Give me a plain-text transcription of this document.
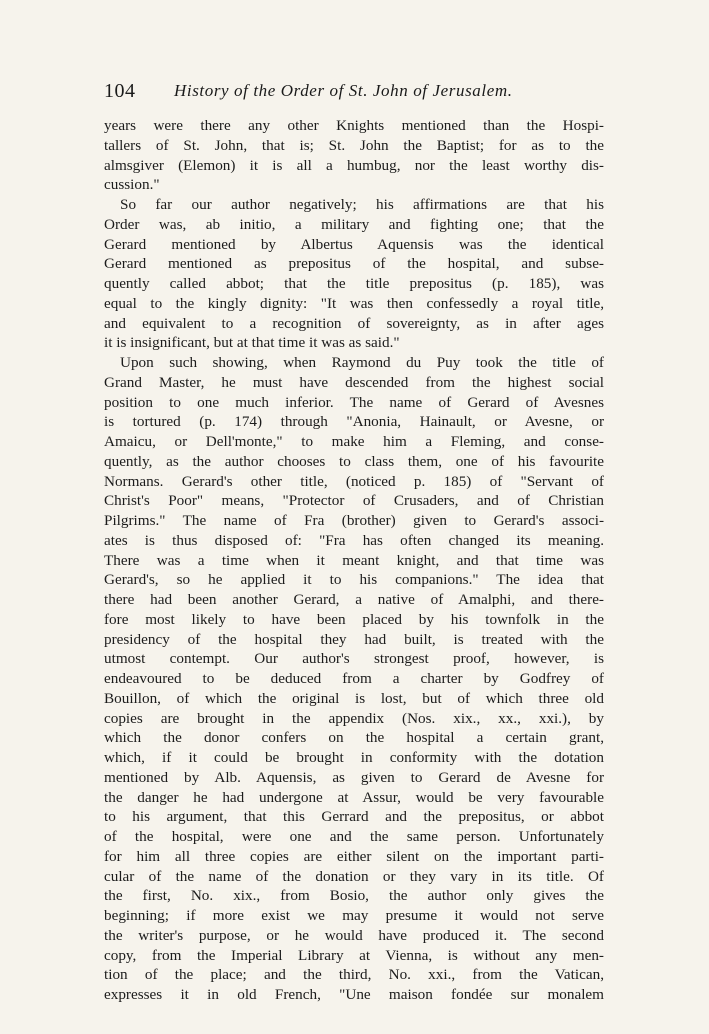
104 History of the Order of St. John of Jerusalem.
years were there any other Knights mentioned than the Hospi-
tallers of St. John, that is; St. John the Baptist; for as to the
almsgiver (Elemon) it is all a humbug, nor the least worthy dis-
cussion."
So far our author negatively; his affirmations are that his
Order was, ab initio, a military and fighting one; that the
Gerard mentioned by Albertus Aquensis was the identical
Gerard mentioned as prepositus of the hospital, and subse-
quently called abbot; that the title prepositus (p. 185), was
equal to the kingly dignity: "It was then confessedly a royal title,
and equivalent to a recognition of sovereignty, as in after ages
it is insignificant, but at that time it was as said."
Upon such showing, when Raymond du Puy took the title of
Grand Master, he must have descended from the highest social
position to one much inferior. The name of Gerard of Avesnes
is tortured (p. 174) through "Anonia, Hainault, or Avesne, or
Amaicu, or Dell'monte," to make him a Fleming, and conse-
quently, as the author chooses to class them, one of his favourite
Normans. Gerard's other title, (noticed p. 185) of "Servant of
Christ's Poor" means, "Protector of Crusaders, and of Christian
Pilgrims." The name of Fra (brother) given to Gerard's associ-
ates is thus disposed of: "Fra has often changed its meaning.
There was a time when it meant knight, and that time was
Gerard's, so he applied it to his companions." The idea that
there had been another Gerard, a native of Amalphi, and there-
fore most likely to have been placed by his townfolk in the
presidency of the hospital they had built, is treated with the
utmost contempt. Our author's strongest proof, however, is
endeavoured to be deduced from a charter by Godfrey of
Bouillon, of which the original is lost, but of which three old
copies are brought in the appendix (Nos. xix., xx., xxi.), by
which the donor confers on the hospital a certain grant,
which, if it could be brought in conformity with the dotation
mentioned by Alb. Aquensis, as given to Gerard de Avesne for
the danger he had undergone at Assur, would be very favourable
to his argument, that this Gerrard and the prepositus, or abbot
of the hospital, were one and the same person. Unfortunately
for him all three copies are either silent on the important parti-
cular of the name of the donation or they vary in its title. Of
the first, No. xix., from Bosio, the author only gives the
beginning; if more exist we may presume it would not serve
the writer's purpose, or he would have produced it. The second
copy, from the Imperial Library at Vienna, is without any men-
tion of the place; and the third, No. xxi., from the Vatican,
expresses it in old French, "Une maison fondée sur monalem
